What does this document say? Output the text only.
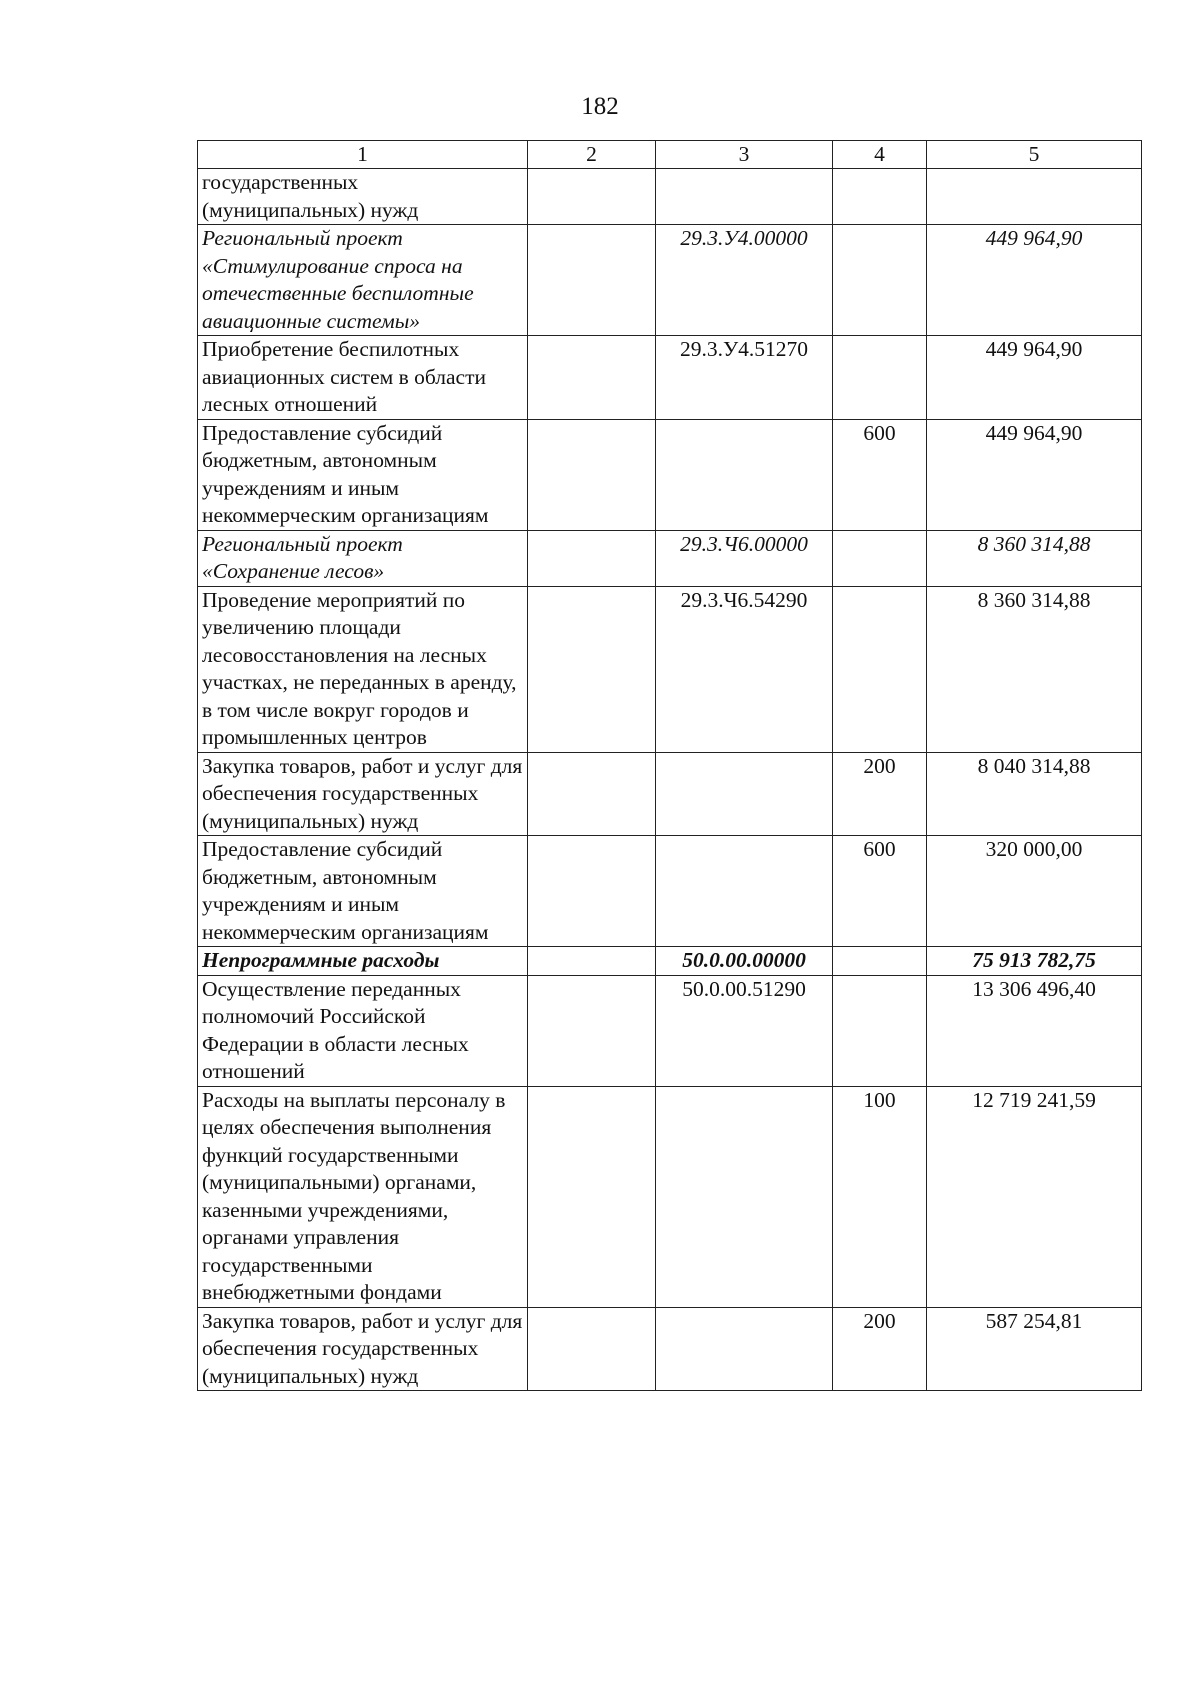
182
1	2	3	4	5
государственных (муниципальных) нужд				
Региональный проект «Стимулирование спроса на отечественные беспилотные авиационные системы»		29.3.У4.00000		449 964,90
Приобретение беспилотных авиационных систем в области лесных отношений		29.3.У4.51270		449 964,90
Предоставление субсидий бюджетным, автономным учреждениям и иным некоммерческим организациям			600	449 964,90
Региональный проект «Сохранение лесов»		29.3.Ч6.00000		8 360 314,88
Проведение мероприятий по увеличению площади лесовосстановления на лесных участках, не переданных в аренду, в том числе вокруг городов и промышленных центров		29.3.Ч6.54290		8 360 314,88
Закупка товаров, работ и услуг для обеспечения государственных (муниципальных) нужд			200	8 040 314,88
Предоставление субсидий бюджетным, автономным учреждениям и иным некоммерческим организациям			600	320 000,00
Непрограммные расходы		50.0.00.00000		75 913 782,75
Осуществление переданных полномочий Российской Федерации в области лесных отношений		50.0.00.51290		13 306 496,40
Расходы на выплаты персоналу в целях обеспечения выполнения функций государственными (муниципальными) органами, казенными учреждениями, органами управления государственными внебюджетными фондами			100	12 719 241,59
Закупка товаров, работ и услуг для обеспечения государственных (муниципальных) нужд			200	587 254,81
